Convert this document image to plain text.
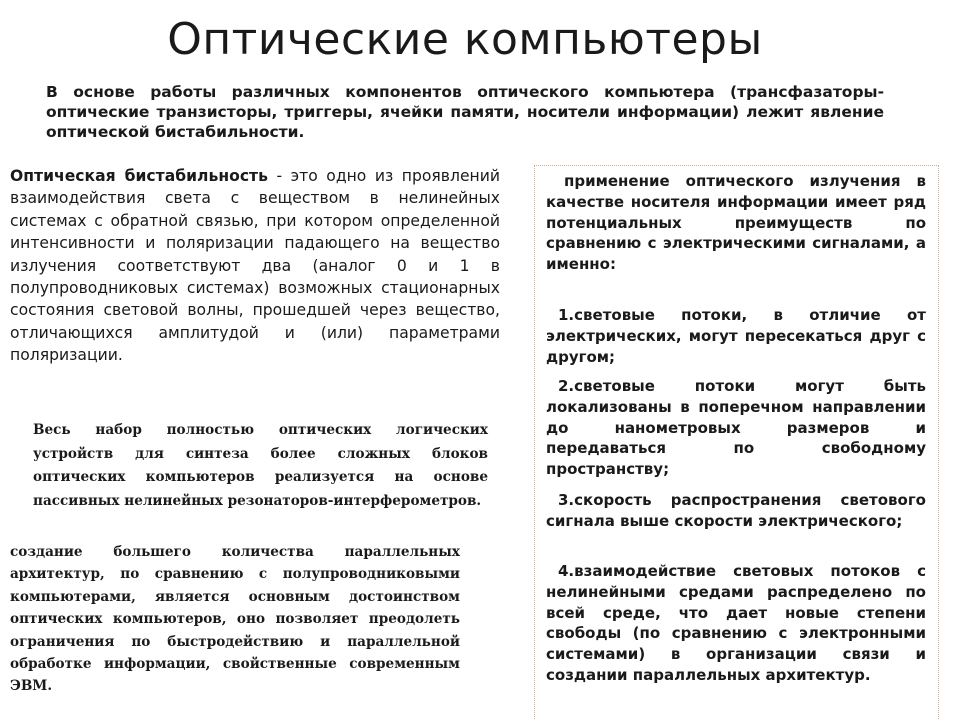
Оптические компьютеры

В основе работы различных компонентов оптического компьютера (трансфазаторы-оптические транзисторы, триггеры, ячейки памяти, носители информации) лежит явление оптической бистабильности.

Оптическая бистабильность - это одно из проявлений взаимодействия света с веществом в нелинейных системах с обратной связью, при котором определенной интенсивности и поляризации падающего на вещество излучения соответствуют два (аналог 0 и 1 в полупроводниковых системах) возможных стационарных состояния световой волны, прошедшей через вещество, отличающихся амплитудой и (или) параметрами поляризации.

Весь набор полностью оптических логических устройств для синтеза более сложных блоков оптических компьютеров реализуется на основе пассивных нелинейных резонаторов-интерферометров.

создание большего количества параллельных архитектур, по сравнению с полупроводниковыми компьютерами, является основным достоинством оптических компьютеров, оно позволяет преодолеть ограничения по быстродействию и параллельной обработке информации, свойственные современным ЭВМ.

применение оптического излучения в качестве носителя информации имеет ряд потенциальных преимуществ по сравнению с электрическими сигналами, а именно:

1.световые потоки, в отличие от электрических, могут пересекаться друг с другом;

2.световые потоки могут быть локализованы в поперечном направлении до нанометровых размеров и передаваться по свободному пространству;

3.скорость распространения светового сигнала выше скорости электрического;

4.взаимодействие световых потоков с нелинейными средами распределено по всей среде, что дает новые степени свободы (по сравнению с электронными системами) в организации связи и создании параллельных архитектур.
